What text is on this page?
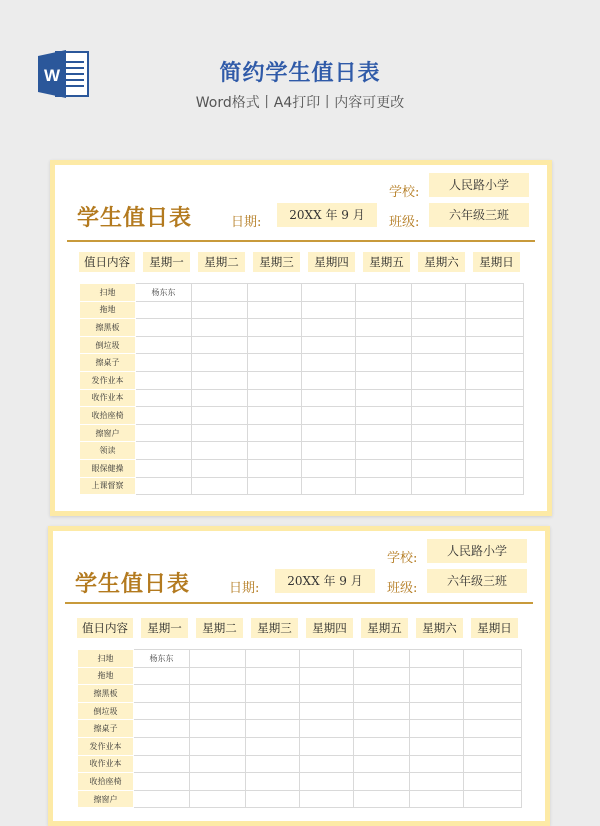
W	简约学生值日表
Word格式丨A4打印丨内容可更改
学生值日表
学校:	人民路小学
日期:	20XX 年 9 月	班级:	六年级三班
值日内容	星期一	星期二	星期三	星期四	星期五	星期六	星期日
扫地	杨东东						
拖地							
擦黑板							
倒垃圾							
擦桌子							
发作业本							
收作业本							
收拾座椅							
擦窗户							
领读							
眼保健操							
上课督察							
学生值日表
学校:	人民路小学
日期:	20XX 年 9 月	班级:	六年级三班
值日内容	星期一	星期二	星期三	星期四	星期五	星期六	星期日
扫地	杨东东						
拖地							
擦黑板							
倒垃圾							
擦桌子							
发作业本							
收作业本							
收拾座椅							
擦窗户							
